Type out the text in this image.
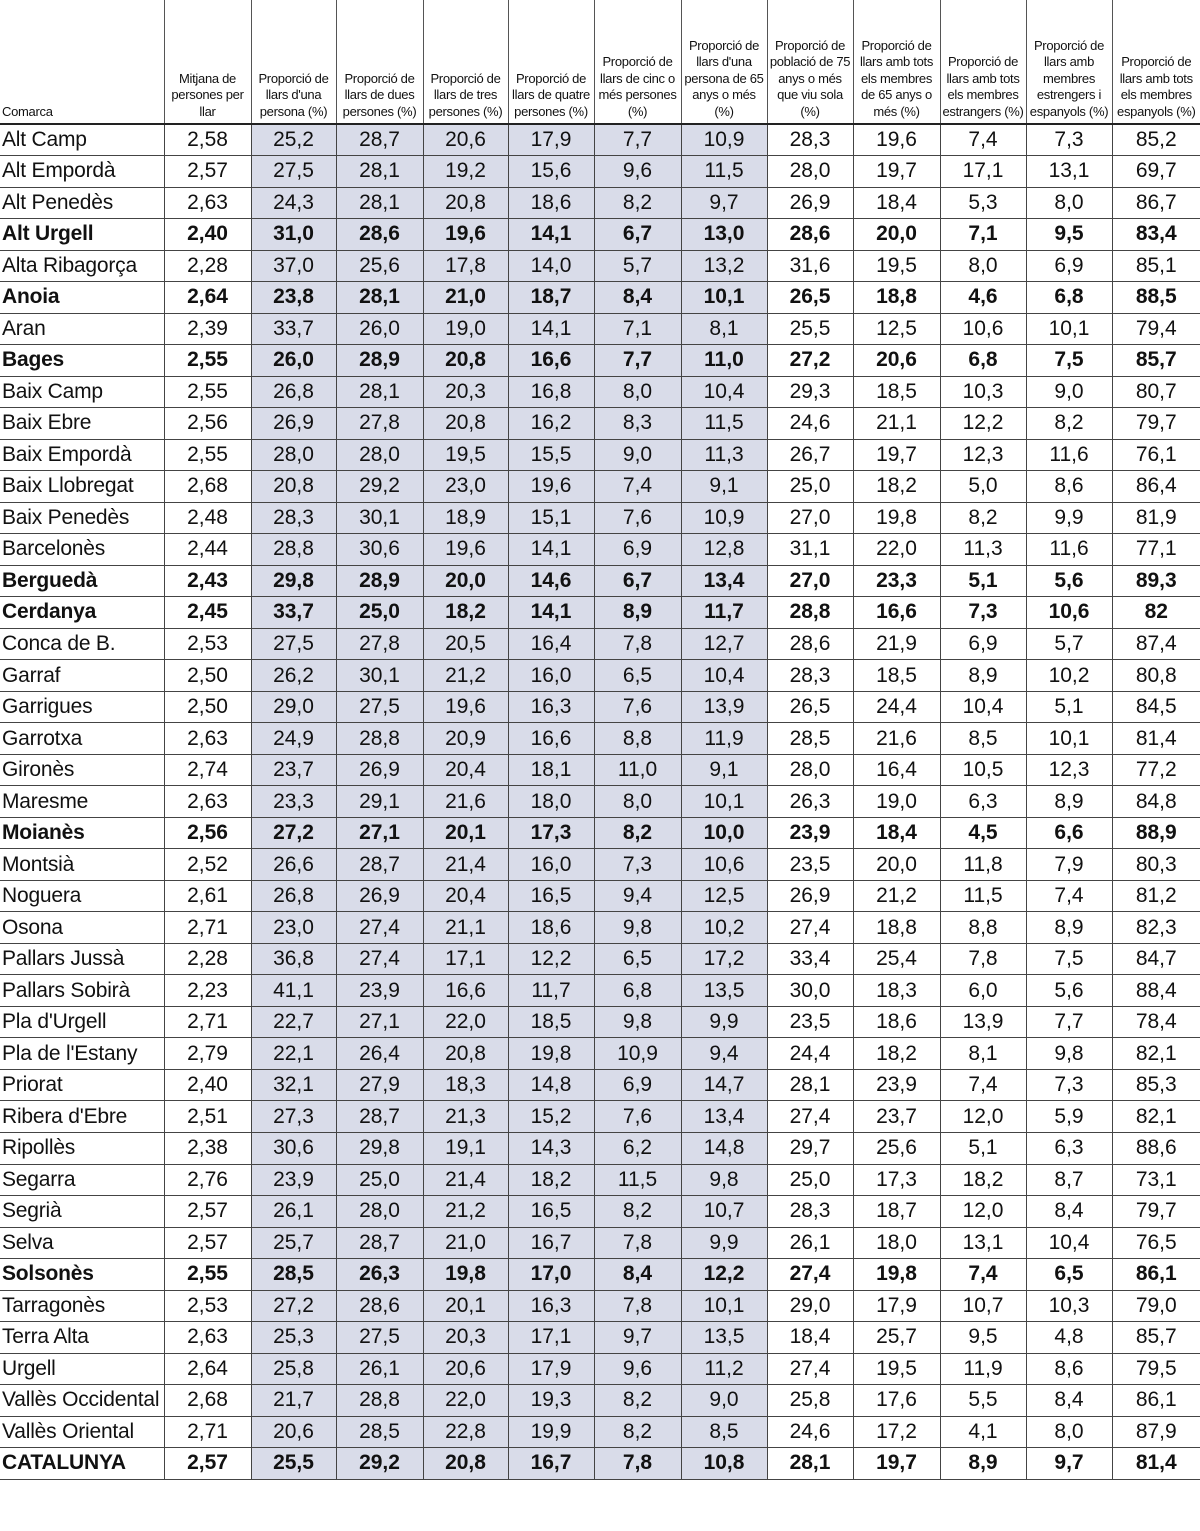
Comarca	Mitjana de persones per llar	Proporció de llars d'una persona (%)	Proporció de llars de dues persones (%)	Proporció de llars de tres persones (%)	Proporció de llars de quatre persones (%)	Proporció de llars de cinc o més persones (%)	Proporció de llars d'una persona de 65 anys o més (%)	Proporció de població de 75 anys o més que viu sola (%)	Proporció de llars amb tots els membres de 65 anys o més (%)	Proporció de llars amb tots els membres estrangers (%)	Proporció de llars amb membres estrengers i espanyols (%)	Proporció de llars amb tots els membres espanyols (%)
Alt Camp	2,58	25,2	28,7	20,6	17,9	7,7	10,9	28,3	19,6	7,4	7,3	85,2
Alt Empordà	2,57	27,5	28,1	19,2	15,6	9,6	11,5	28,0	19,7	17,1	13,1	69,7
Alt Penedès	2,63	24,3	28,1	20,8	18,6	8,2	9,7	26,9	18,4	5,3	8,0	86,7
Alt Urgell	2,40	31,0	28,6	19,6	14,1	6,7	13,0	28,6	20,0	7,1	9,5	83,4
Alta Ribagorça	2,28	37,0	25,6	17,8	14,0	5,7	13,2	31,6	19,5	8,0	6,9	85,1
Anoia	2,64	23,8	28,1	21,0	18,7	8,4	10,1	26,5	18,8	4,6	6,8	88,5
Aran	2,39	33,7	26,0	19,0	14,1	7,1	8,1	25,5	12,5	10,6	10,1	79,4
Bages	2,55	26,0	28,9	20,8	16,6	7,7	11,0	27,2	20,6	6,8	7,5	85,7
Baix Camp	2,55	26,8	28,1	20,3	16,8	8,0	10,4	29,3	18,5	10,3	9,0	80,7
Baix Ebre	2,56	26,9	27,8	20,8	16,2	8,3	11,5	24,6	21,1	12,2	8,2	79,7
Baix Empordà	2,55	28,0	28,0	19,5	15,5	9,0	11,3	26,7	19,7	12,3	11,6	76,1
Baix Llobregat	2,68	20,8	29,2	23,0	19,6	7,4	9,1	25,0	18,2	5,0	8,6	86,4
Baix Penedès	2,48	28,3	30,1	18,9	15,1	7,6	10,9	27,0	19,8	8,2	9,9	81,9
Barcelonès	2,44	28,8	30,6	19,6	14,1	6,9	12,8	31,1	22,0	11,3	11,6	77,1
Berguedà	2,43	29,8	28,9	20,0	14,6	6,7	13,4	27,0	23,3	5,1	5,6	89,3
Cerdanya	2,45	33,7	25,0	18,2	14,1	8,9	11,7	28,8	16,6	7,3	10,6	82
Conca de B.	2,53	27,5	27,8	20,5	16,4	7,8	12,7	28,6	21,9	6,9	5,7	87,4
Garraf	2,50	26,2	30,1	21,2	16,0	6,5	10,4	28,3	18,5	8,9	10,2	80,8
Garrigues	2,50	29,0	27,5	19,6	16,3	7,6	13,9	26,5	24,4	10,4	5,1	84,5
Garrotxa	2,63	24,9	28,8	20,9	16,6	8,8	11,9	28,5	21,6	8,5	10,1	81,4
Gironès	2,74	23,7	26,9	20,4	18,1	11,0	9,1	28,0	16,4	10,5	12,3	77,2
Maresme	2,63	23,3	29,1	21,6	18,0	8,0	10,1	26,3	19,0	6,3	8,9	84,8
Moianès	2,56	27,2	27,1	20,1	17,3	8,2	10,0	23,9	18,4	4,5	6,6	88,9
Montsià	2,52	26,6	28,7	21,4	16,0	7,3	10,6	23,5	20,0	11,8	7,9	80,3
Noguera	2,61	26,8	26,9	20,4	16,5	9,4	12,5	26,9	21,2	11,5	7,4	81,2
Osona	2,71	23,0	27,4	21,1	18,6	9,8	10,2	27,4	18,8	8,8	8,9	82,3
Pallars Jussà	2,28	36,8	27,4	17,1	12,2	6,5	17,2	33,4	25,4	7,8	7,5	84,7
Pallars Sobirà	2,23	41,1	23,9	16,6	11,7	6,8	13,5	30,0	18,3	6,0	5,6	88,4
Pla d'Urgell	2,71	22,7	27,1	22,0	18,5	9,8	9,9	23,5	18,6	13,9	7,7	78,4
Pla de l'Estany	2,79	22,1	26,4	20,8	19,8	10,9	9,4	24,4	18,2	8,1	9,8	82,1
Priorat	2,40	32,1	27,9	18,3	14,8	6,9	14,7	28,1	23,9	7,4	7,3	85,3
Ribera d'Ebre	2,51	27,3	28,7	21,3	15,2	7,6	13,4	27,4	23,7	12,0	5,9	82,1
Ripollès	2,38	30,6	29,8	19,1	14,3	6,2	14,8	29,7	25,6	5,1	6,3	88,6
Segarra	2,76	23,9	25,0	21,4	18,2	11,5	9,8	25,0	17,3	18,2	8,7	73,1
Segrià	2,57	26,1	28,0	21,2	16,5	8,2	10,7	28,3	18,7	12,0	8,4	79,7
Selva	2,57	25,7	28,7	21,0	16,7	7,8	9,9	26,1	18,0	13,1	10,4	76,5
Solsonès	2,55	28,5	26,3	19,8	17,0	8,4	12,2	27,4	19,8	7,4	6,5	86,1
Tarragonès	2,53	27,2	28,6	20,1	16,3	7,8	10,1	29,0	17,9	10,7	10,3	79,0
Terra Alta	2,63	25,3	27,5	20,3	17,1	9,7	13,5	18,4	25,7	9,5	4,8	85,7
Urgell	2,64	25,8	26,1	20,6	17,9	9,6	11,2	27,4	19,5	11,9	8,6	79,5
Vallès Occidental	2,68	21,7	28,8	22,0	19,3	8,2	9,0	25,8	17,6	5,5	8,4	86,1
Vallès Oriental	2,71	20,6	28,5	22,8	19,9	8,2	8,5	24,6	17,2	4,1	8,0	87,9
CATALUNYA	2,57	25,5	29,2	20,8	16,7	7,8	10,8	28,1	19,7	8,9	9,7	81,4
